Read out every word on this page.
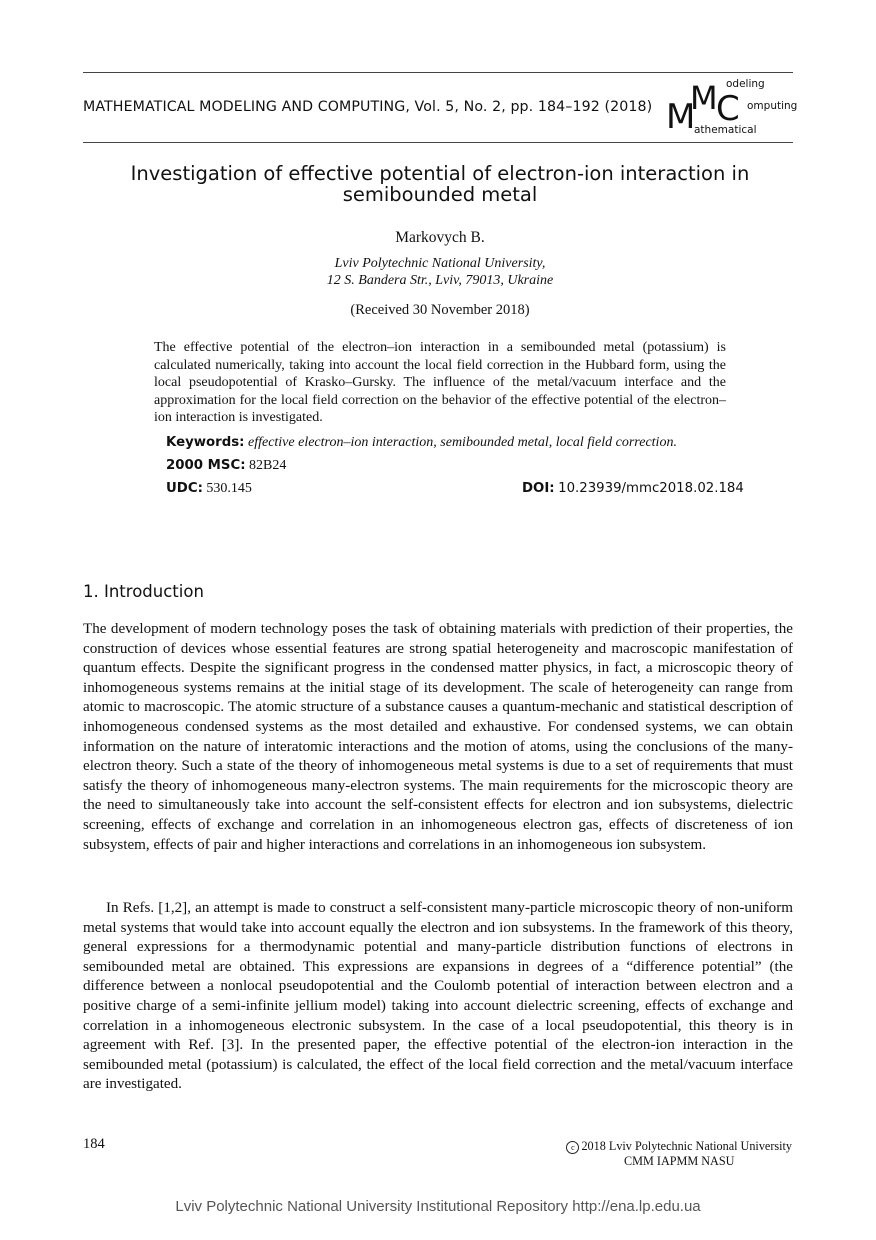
MATHEMATICAL MODELING AND COMPUTING, Vol. 5, No. 2, pp. 184–192 (2018) M
M
C
odeling
omputing
athematical
Investigation of effective potential of electron-ion interaction in semibounded metal
Markovych B.
Lviv Polytechnic National University,
12 S. Bandera Str., Lviv, 79013, Ukraine
(Received 30 November 2018)
The effective potential of the electron–ion interaction in a semibounded metal (potassium) is calculated numerically, taking into account the local field correction in the Hubbard form, using the local pseudopotential of Krasko–Gursky. The influence of the metal/vacuum interface and the approximation for the local field correction on the behavior of the effective potential of the electron–ion interaction is investigated.
Keywords: effective electron–ion interaction, semibounded metal, local field correction.
2000 MSC: 82B24
UDC: 530.145	DOI: 10.23939/mmc2018.02.184
1. Introduction
The development of modern technology poses the task of obtaining materials with prediction of their properties, the construction of devices whose essential features are strong spatial heterogeneity and macroscopic manifestation of quantum effects. Despite the significant progress in the condensed matter physics, in fact, a microscopic theory of inhomogeneous systems remains at the initial stage of its development. The scale of heterogeneity can range from atomic to macroscopic. The atomic structure of a substance causes a quantum-mechanic and statistical description of inhomogeneous condensed systems as the most detailed and exhaustive. For condensed systems, we can obtain information on the nature of interatomic interactions and the motion of atoms, using the conclusions of the many-electron theory. Such a state of the theory of inhomogeneous metal systems is due to a set of requirements that must satisfy the theory of inhomogeneous many-electron systems. The main requirements for the microscopic theory are the need to simultaneously take into account the self-consistent effects for electron and ion subsystems, dielectric screening, effects of exchange and correlation in an inhomogeneous electron gas, effects of discreteness of ion subsystem, effects of pair and higher interactions and correlations in an inhomogeneous ion subsystem.
In Refs. [1,2], an attempt is made to construct a self-consistent many-particle microscopic theory of non-uniform metal systems that would take into account equally the electron and ion subsystems. In the framework of this theory, general expressions for a thermodynamic potential and many-particle distribution functions of electrons in semibounded metal are obtained. This expressions are expansions in degrees of a “difference potential” (the difference between a nonlocal pseudopotential and the Coulomb potential of interaction between electron and a positive charge of a semi-infinite jellium model) taking into account dielectric screening, effects of exchange and correlation in a inhomogeneous electronic subsystem. In the case of a local pseudopotential, this theory is in agreement with Ref. [3]. In the presented paper, the effective potential of the electron-ion interaction in the semibounded metal (potassium) is calculated, the effect of the local field correction and the metal/vacuum interface are investigated.
184	c 2018 Lviv Polytechnic National University
CMM IAPMM NASU
Lviv Polytechnic National University Institutional Repository http://ena.lp.edu.ua
